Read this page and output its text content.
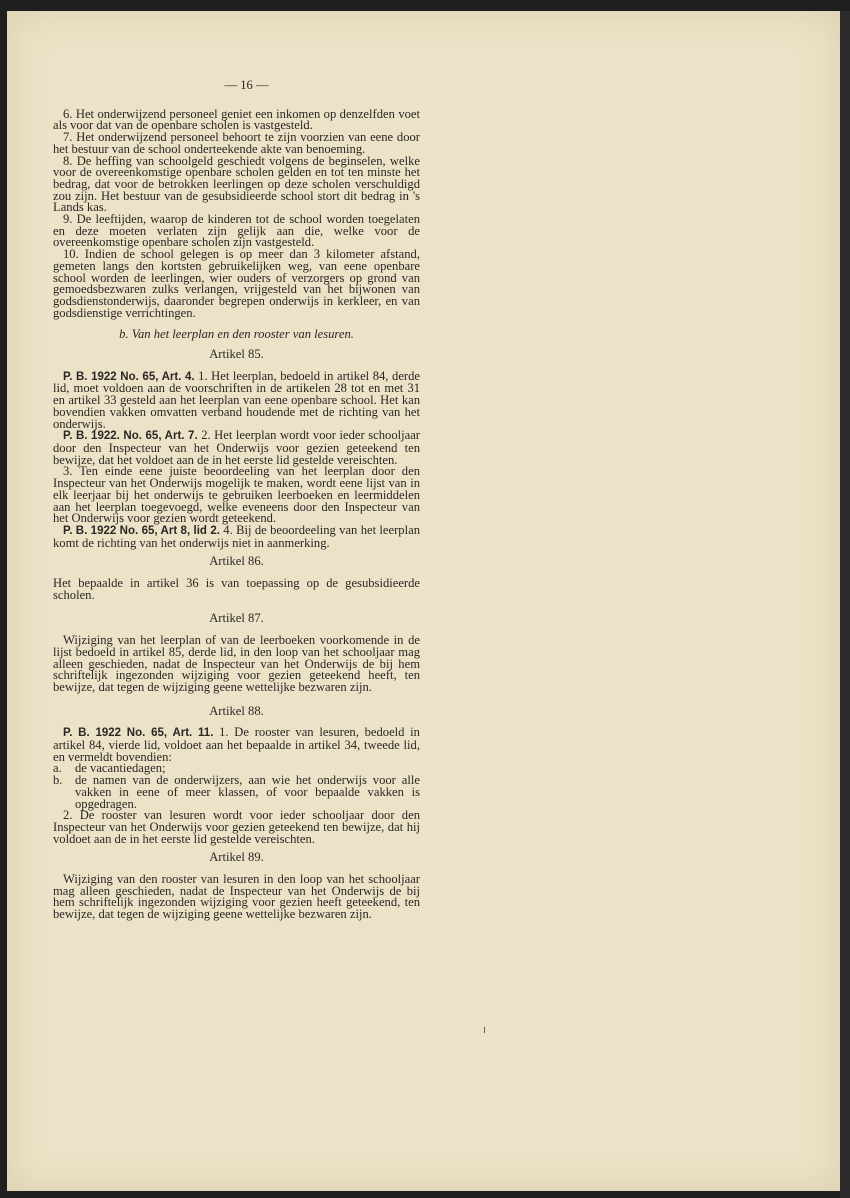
— 16 —

6. Het onderwijzend personeel geniet een inkomen op denzelfden voet als voor dat van de openbare scholen is vastgesteld.

7. Het onderwijzend personeel behoort te zijn voorzien van eene door het bestuur van de school onderteekende akte van benoeming.

8. De heffing van schoolgeld geschiedt volgens de beginselen, welke voor de overeenkomstige openbare scholen gelden en tot ten minste het bedrag, dat voor de betrokken leerlingen op deze scholen verschuldigd zou zijn. Het bestuur van de gesubsidieerde school stort dit bedrag in 's Lands kas.

9. De leeftijden, waarop de kinderen tot de school worden toegelaten en deze moeten verlaten zijn gelijk aan die, welke voor de overeenkomstige openbare scholen zijn vastgesteld.

10. Indien de school gelegen is op meer dan 3 kilometer afstand, gemeten langs den kortsten gebruikelijken weg, van eene openbare school worden de leerlingen, wier ouders of verzorgers op grond van gemoedsbezwaren zulks verlangen, vrijgesteld van het bijwonen van godsdienstonderwijs, daaronder begrepen onderwijs in kerkleer, en van godsdienstige verrichtingen.

b. Van het leerplan en den rooster van lesuren.
Artikel 85.

P. B. 1922 No. 65, Art. 4. 1. Het leerplan, bedoeld in artikel 84, derde lid, moet voldoen aan de voorschriften in de artikelen 28 tot en met 31 en artikel 33 gesteld aan het leerplan van eene openbare school. Het kan bovendien vakken omvatten verband houdende met de richting van het onderwijs.

P. B. 1922. No. 65, Art. 7. 2. Het leerplan wordt voor ieder schooljaar door den Inspecteur van het Onderwijs voor gezien geteekend ten bewijze, dat het voldoet aan de in het eerste lid gestelde vereischten.

3. Ten einde eene juiste beoordeeling van het leerplan door den Inspecteur van het Onderwijs mogelijk te maken, wordt eene lijst van in elk leerjaar bij het onderwijs te gebruiken leerboeken en leermiddelen aan het leerplan toegevoegd, welke eveneens door den Inspecteur van het Onderwijs voor gezien wordt geteekend.

P. B. 1922 No. 65, Art 8, lid 2. 4. Bij de beoordeeling van het leerplan komt de richting van het onderwijs niet in aanmerking.

Artikel 86.

Het bepaalde in artikel 36 is van toepassing op de gesubsidieerde scholen.

Artikel 87.

Wijziging van het leerplan of van de leerboeken voorkomende in de lijst bedoeld in artikel 85, derde lid, in den loop van het schooljaar mag alleen geschieden, nadat de Inspecteur van het Onderwijs de bij hem schriftelijk ingezonden wijziging voor gezien geteekend heeft, ten bewijze, dat tegen de wijziging geene wettelijke bezwaren zijn.

Artikel 88.

P. B. 1922 No. 65, Art. 11. 1. De rooster van lesuren, bedoeld in artikel 84, vierde lid, voldoet aan het bepaalde in artikel 34, tweede lid, en vermeldt bovendien:

a.	de vacantiedagen;
b. de namen van de onderwijzers, aan wie het onderwijs voor alle vakken in eene of meer klassen, of voor bepaalde vakken is opgedragen.

2. De rooster van lesuren wordt voor ieder schooljaar door den Inspecteur van het Onderwijs voor gezien geteekend ten bewijze, dat hij voldoet aan de in het eerste lid gestelde vereischten.

Artikel 89.

Wijziging van den rooster van lesuren in den loop van het schooljaar mag alleen geschieden, nadat de Inspecteur van het Onderwijs de bij hem schriftelijk ingezonden wijziging voor gezien heeft geteekend, ten bewijze, dat tegen de wijziging geene wettelijke bezwaren zijn.
